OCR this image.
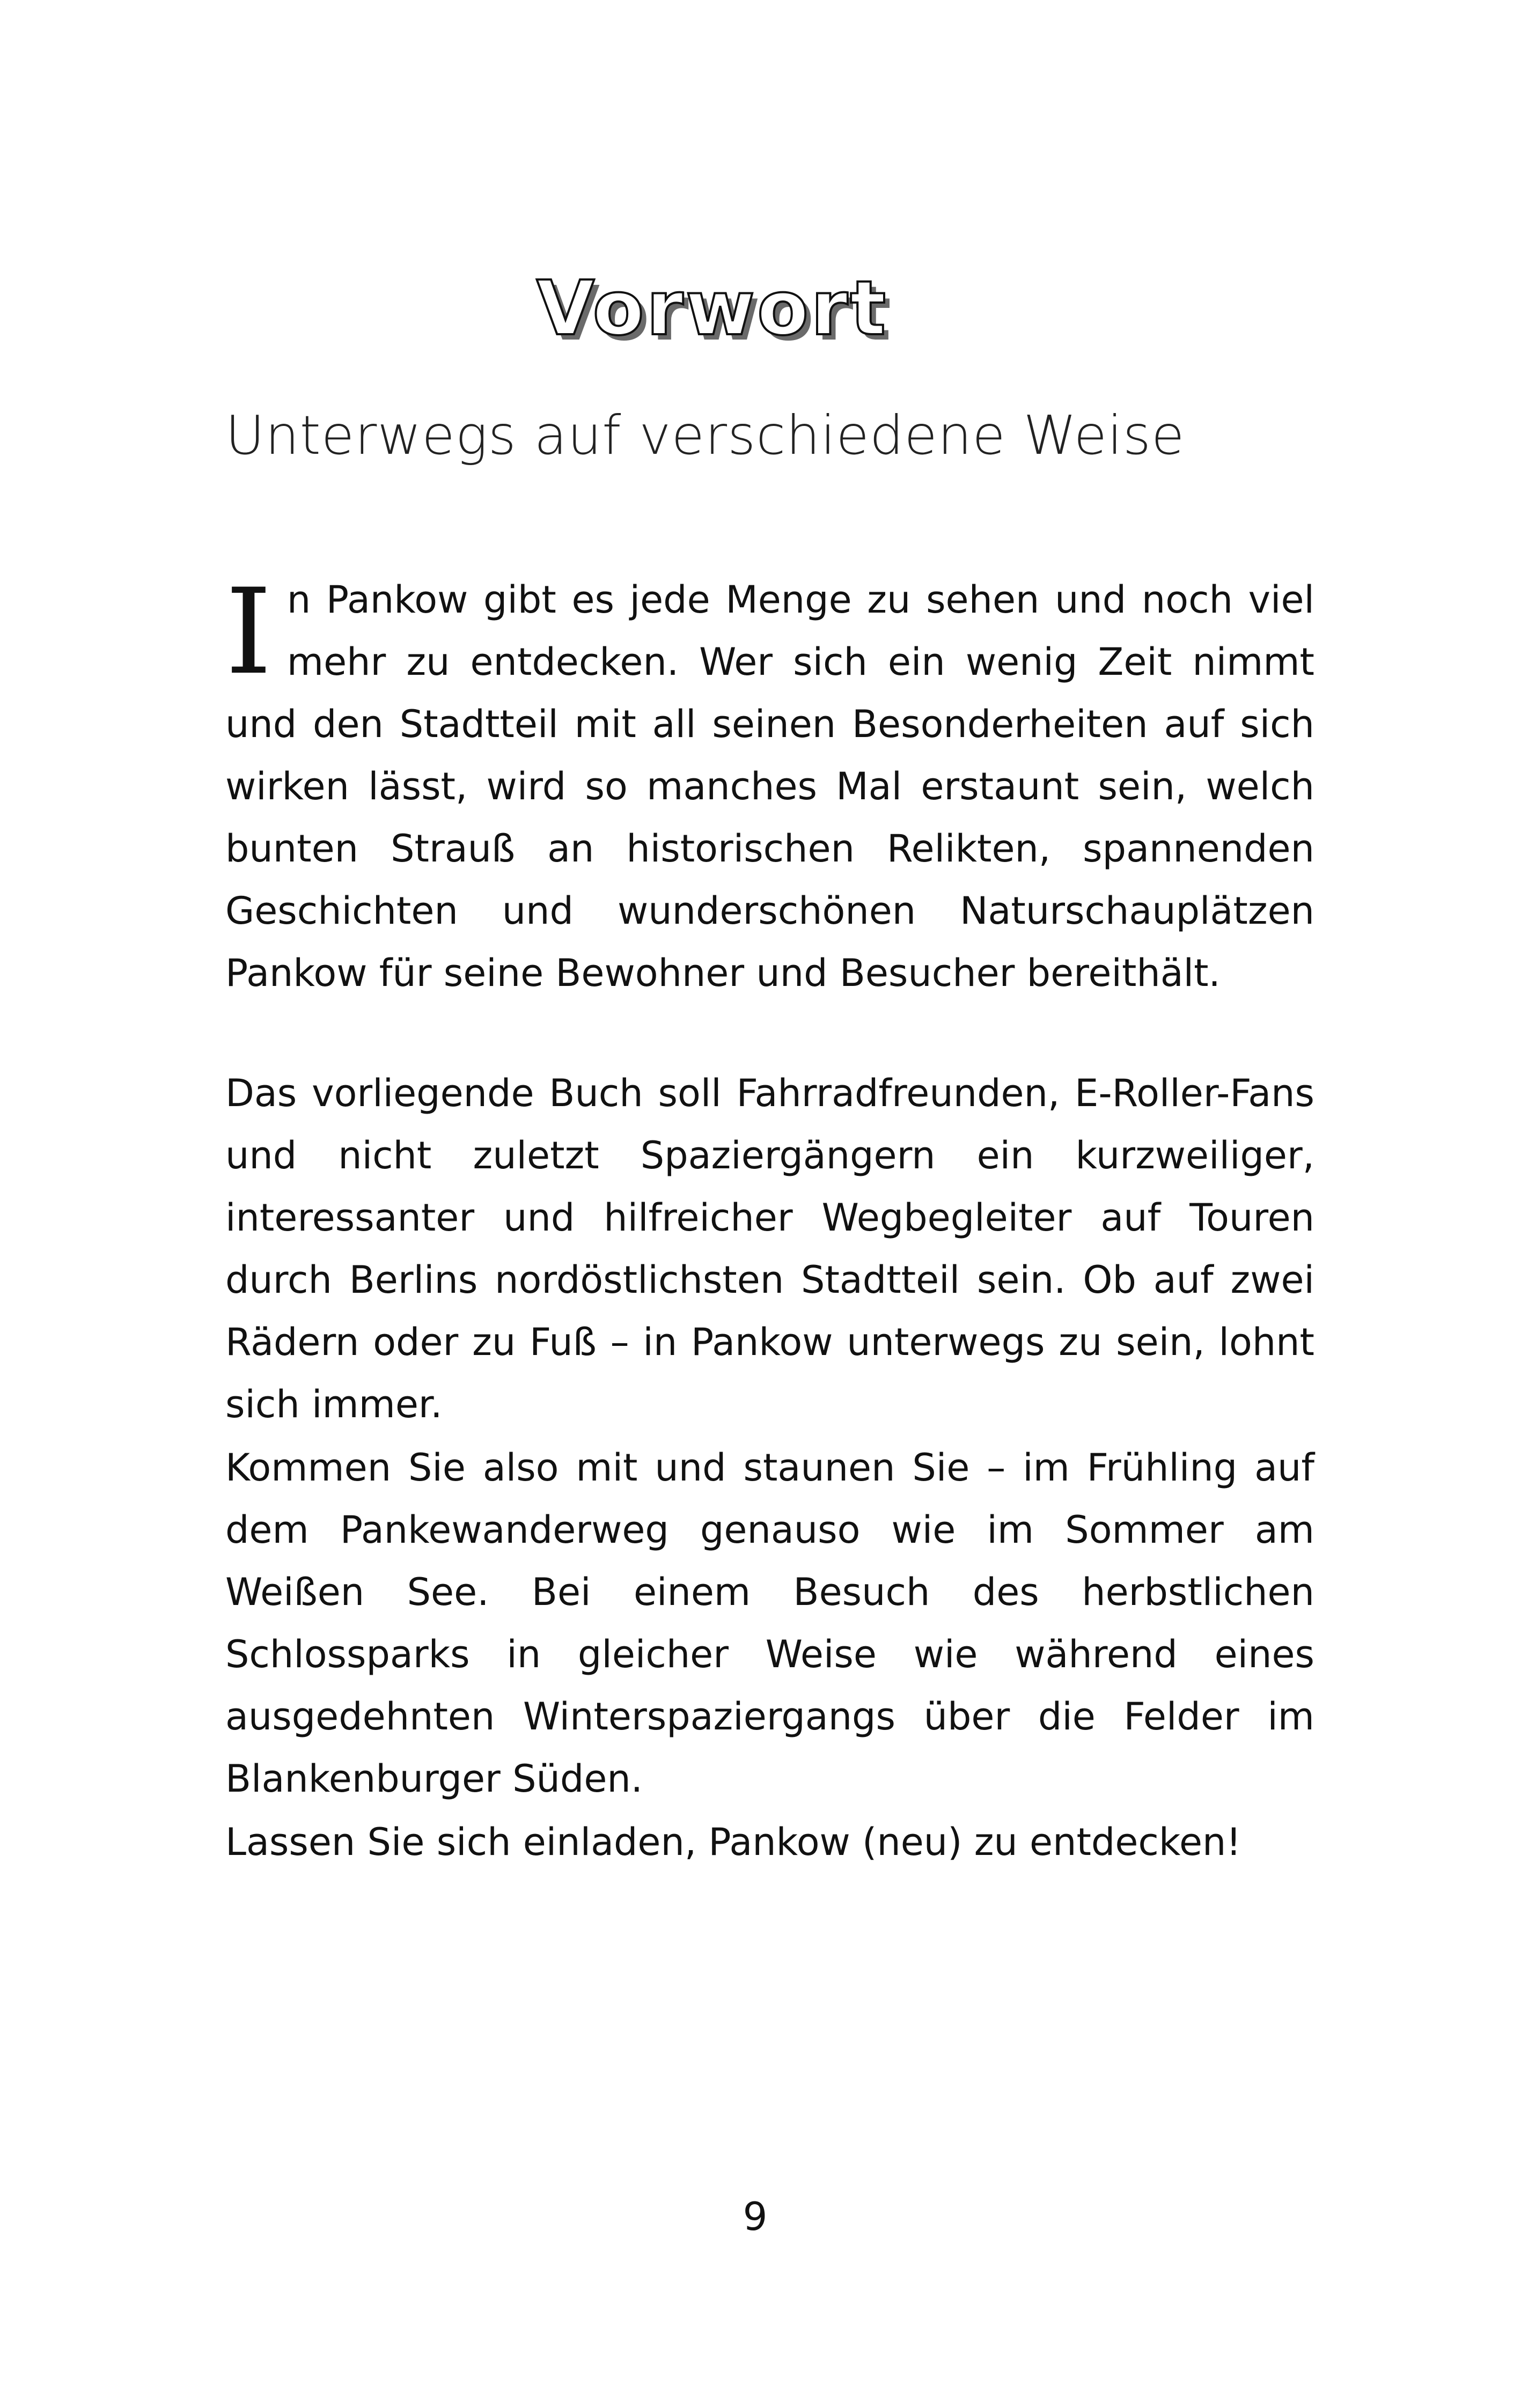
Vorwort
Unterwegs auf verschiedene Weise

In Pankow gibt es jede Menge zu sehen und noch viel mehr zu entdecken. Wer sich ein wenig Zeit nimmt und den Stadtteil mit all seinen Besonderheiten auf sich wirken lässt, wird so manches Mal erstaunt sein, welch bunten Strauß an historischen Relikten, spannenden Geschichten und wunderschönen Naturschauplätzen Pankow für seine Bewohner und Besucher bereithält.

Das vorliegende Buch soll Fahrradfreunden, E-Roller-Fans und nicht zuletzt Spaziergängern ein kurzweiliger, interessanter und hilfreicher Wegbegleiter auf Touren durch Berlins nordöstlichsten Stadtteil sein. Ob auf zwei Rädern oder zu Fuß – in Pankow unterwegs zu sein, lohnt sich immer.

Kommen Sie also mit und staunen Sie – im Frühling auf dem Pankewanderweg genauso wie im Sommer am Weißen See. Bei einem Besuch des herbstlichen Schlossparks in gleicher Weise wie während eines ausgedehnten Winterspaziergangs über die Felder im Blankenburger Süden.

Lassen Sie sich einladen, Pankow (neu) zu entdecken!

9
